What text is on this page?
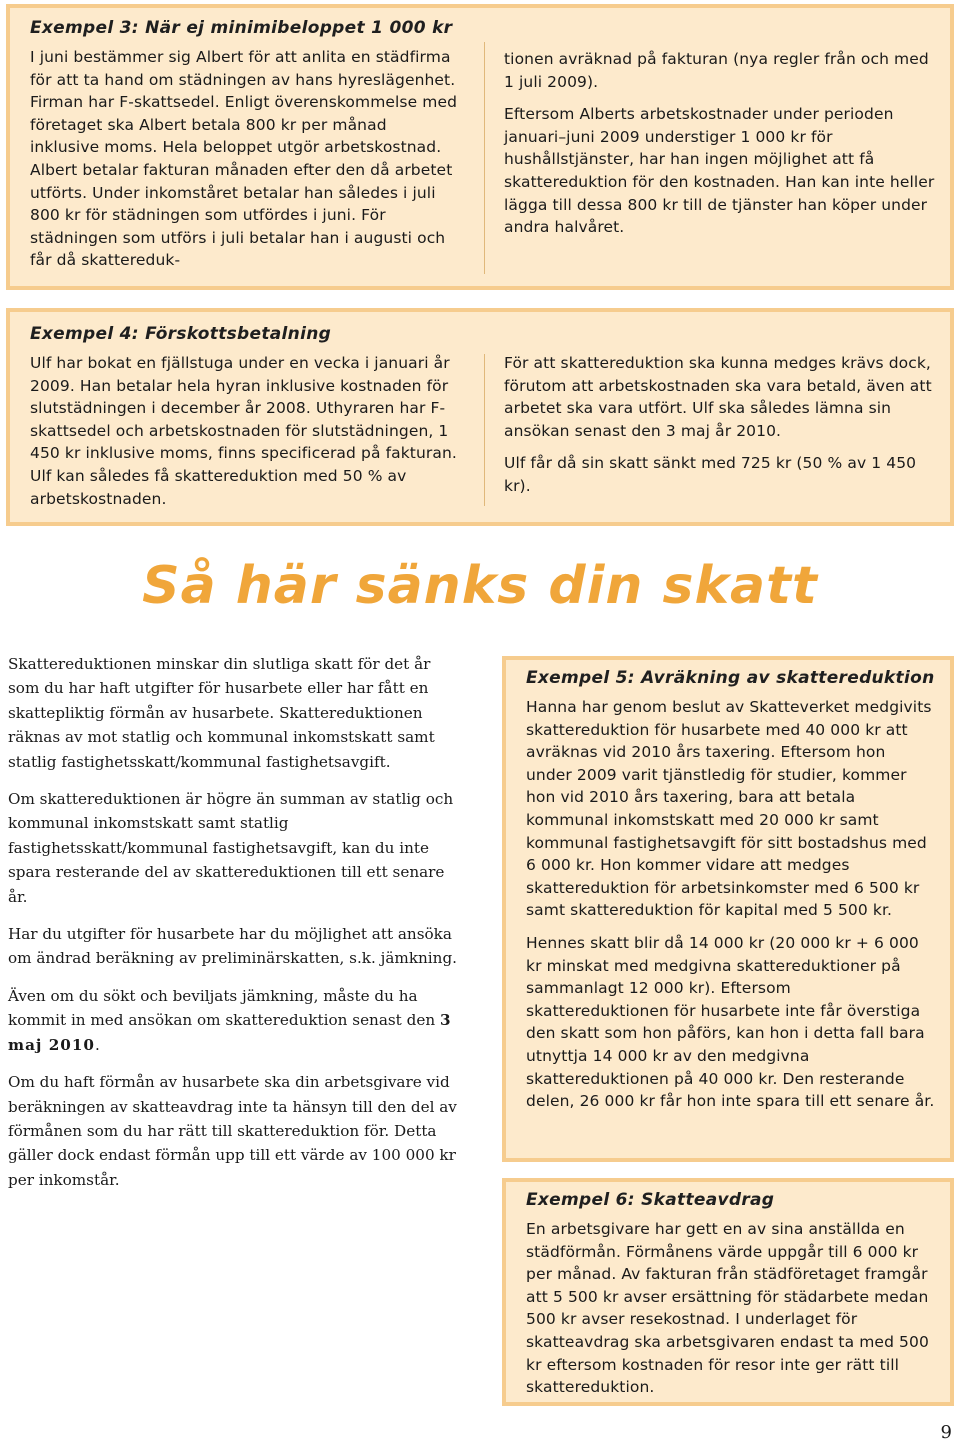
Exempel 3: När ej minimibeloppet 1 000 kr

I juni bestämmer sig Albert för att anlita en städfirma för att ta hand om städningen av hans hyreslägenhet. Firman har F-skattsedel. Enligt överenskommelse med företaget ska Albert betala 800 kr per månad inklusive moms. Hela beloppet utgör arbetskostnad. Albert betalar fakturan månaden efter den då arbetet utförts. Under inkomståret betalar han således i juli 800 kr för städningen som utfördes i juni. För städningen som utförs i juli betalar han i augusti och får då skattereduk-

tionen avräknad på fakturan (nya regler från och med 1 juli 2009).

Eftersom Alberts arbetskostnader under perioden januari–juni 2009 understiger 1 000 kr för hushållstjänster, har han ingen möjlighet att få skattereduktion för den kostnaden. Han kan inte heller lägga till dessa 800 kr till de tjänster han köper under andra halvåret.

Exempel 4: Förskottsbetalning

Ulf har bokat en fjällstuga under en vecka i januari år 2009. Han betalar hela hyran inklusive kostnaden för slutstädningen i december år 2008. Uthyraren har F-skattsedel och arbetskostnaden för slutstädningen, 1 450 kr inklusive moms, finns specificerad på fakturan. Ulf kan således få skattereduktion med 50 % av arbetskostnaden.

För att skattereduktion ska kunna medges krävs dock, förutom att arbetskostnaden ska vara betald, även att arbetet ska vara utfört. Ulf ska således lämna sin ansökan senast den 3 maj år 2010.

Ulf får då sin skatt sänkt med 725 kr (50 % av 1 450 kr).

Så här sänks din skatt

Skattereduktionen minskar din slutliga skatt för det år som du har haft utgifter för husarbete eller har fått en skattepliktig förmån av husarbete. Skattereduktionen räknas av mot statlig och kommunal inkomstskatt samt statlig fastighetsskatt/kommunal fastighetsavgift.

Om skattereduktionen är högre än summan av statlig och kommunal inkomstskatt samt statlig fastighetsskatt/kommunal fastighetsavgift, kan du inte spara resterande del av skattereduktionen till ett senare år.

Har du utgifter för husarbete har du möjlighet att ansöka om ändrad beräkning av preliminärskatten, s.k. jämkning.

Även om du sökt och beviljats jämkning, måste du ha kommit in med ansökan om skattereduktion senast den 3 maj 2010.

Om du haft förmån av husarbete ska din arbetsgivare vid beräkningen av skatteavdrag inte ta hänsyn till den del av förmånen som du har rätt till skattereduktion för. Detta gäller dock endast förmån upp till ett värde av 100 000 kr per inkomstår.

Exempel 5: Avräkning av skattereduktion

Hanna har genom beslut av Skatteverket medgivits skattereduktion för husarbete med 40 000 kr att avräknas vid 2010 års taxering. Eftersom hon under 2009 varit tjänstledig för studier, kommer hon vid 2010 års taxering, bara att betala kommunal inkomstskatt med 20 000 kr samt kommunal fastighetsavgift för sitt bostadshus med 6 000 kr. Hon kommer vidare att medges skattereduktion för arbetsinkomster med 6 500 kr samt skattereduktion för kapital med 5 500 kr.

Hennes skatt blir då 14 000 kr (20 000 kr + 6 000 kr minskat med medgivna skattereduktioner på sammanlagt 12 000 kr). Eftersom skattereduktionen för husarbete inte får överstiga den skatt som hon påförs, kan hon i detta fall bara utnyttja 14 000 kr av den medgivna skattereduktionen på 40 000 kr. Den resterande delen, 26 000 kr får hon inte spara till ett senare år.

Exempel 6: Skatteavdrag

En arbetsgivare har gett en av sina anställda en städförmån. Förmånens värde uppgår till 6 000 kr per månad. Av fakturan från städföretaget framgår att 5 500 kr avser ersättning för städarbete medan 500 kr avser resekostnad. I underlaget för skatteavdrag ska arbetsgivaren endast ta med 500 kr eftersom kostnaden för resor inte ger rätt till skattereduktion.

9
